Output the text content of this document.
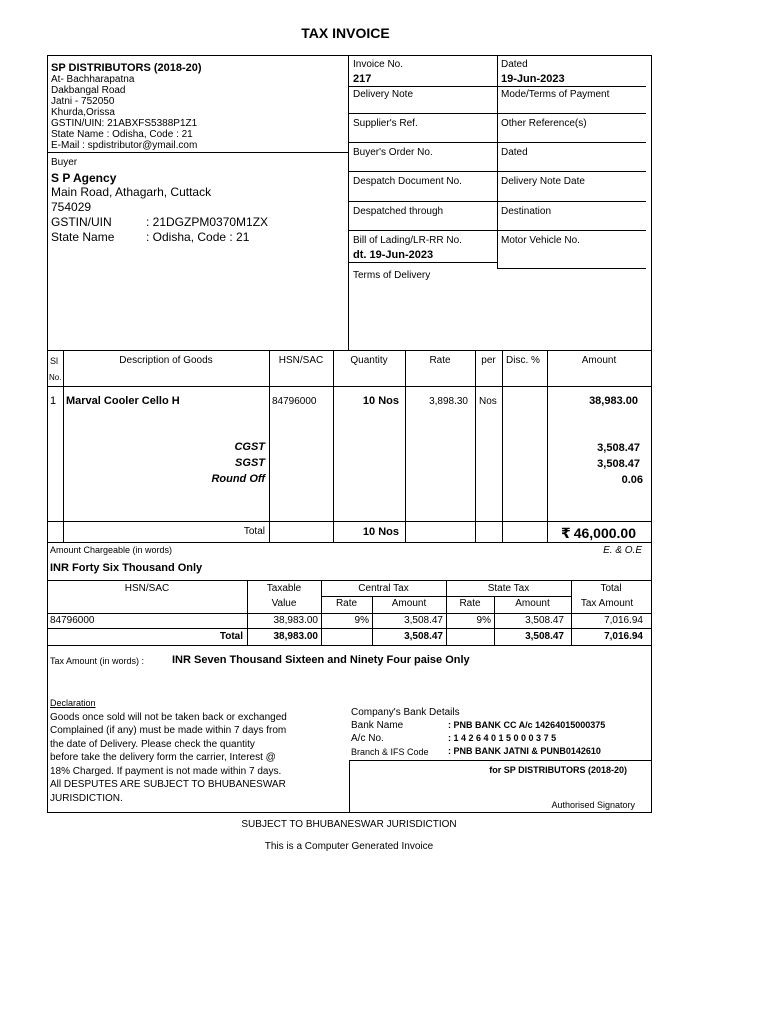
TAX INVOICE
SP DISTRIBUTORS (2018-20)
At- Bachharapatna
Dakbangal Road
Jatni - 752050
Khurda,Orissa
GSTIN/UIN: 21ABXFS5388P1Z1
State Name : Odisha, Code : 21
E-Mail : spdistributor@ymail.com
Buyer
S P Agency
Main Road, Athagarh, Cuttack
754029
GSTIN/UIN	: 21DGZPM0370M1ZX
State Name	: Odisha, Code : 21
Invoice No.
217
Dated
19-Jun-2023
Delivery Note	Mode/Terms of Payment
Supplier's Ref.	Other Reference(s)
Buyer's Order No.	Dated
Despatch Document No.	Delivery Note Date
Despatched through	Destination
Bill of Lading/LR-RR No.
dt. 19-Jun-2023
Motor Vehicle No.
Terms of Delivery
Sl
No.
Description of Goods	HSN/SAC	Quantity	Rate	per	Disc. %	Amount
1 Marval Cooler Cello H	84796000	10 Nos	3,898.30 Nos	38,983.00
CGST	3,508.47
SGST	3,508.47
Round Off	0.06
Total	10 Nos	₹ 46,000.00
Amount Chargeable (in words)	E. & O.E
INR Forty Six Thousand Only
HSN/SAC	Taxable
Value
Central Tax	State Tax	Total
Tax Amount
Rate	Amount	Rate	Amount
84796000	38,983.00	9%	3,508.47	9%	3,508.47	7,016.94
Total	38,983.00	3,508.47	3,508.47	7,016.94
Tax Amount (in words) :	INR Seven Thousand Sixteen and Ninety Four paise Only
Declaration
Goods once sold will not be taken back or exchanged
Complained (if any) must be made within 7 days from
the date of Delivery. Please check the quantity
before take the delivery form the carrier, Interest @
18% Charged. If payment is not made within 7 days.
All DESPUTES ARE SUBJECT TO BHUBANESWAR
JURISDICTION.
Company's Bank Details
Bank Name	: PNB BANK CC A/c 14264015000375
A/c No.	: 1 4 2 6 4 0 1 5 0 0 0 3 7 5
Branch & IFS Code : PNB BANK JATNI & PUNB0142610
for SP DISTRIBUTORS (2018-20)
Authorised Signatory
SUBJECT TO BHUBANESWAR JURISDICTION
This is a Computer Generated Invoice
